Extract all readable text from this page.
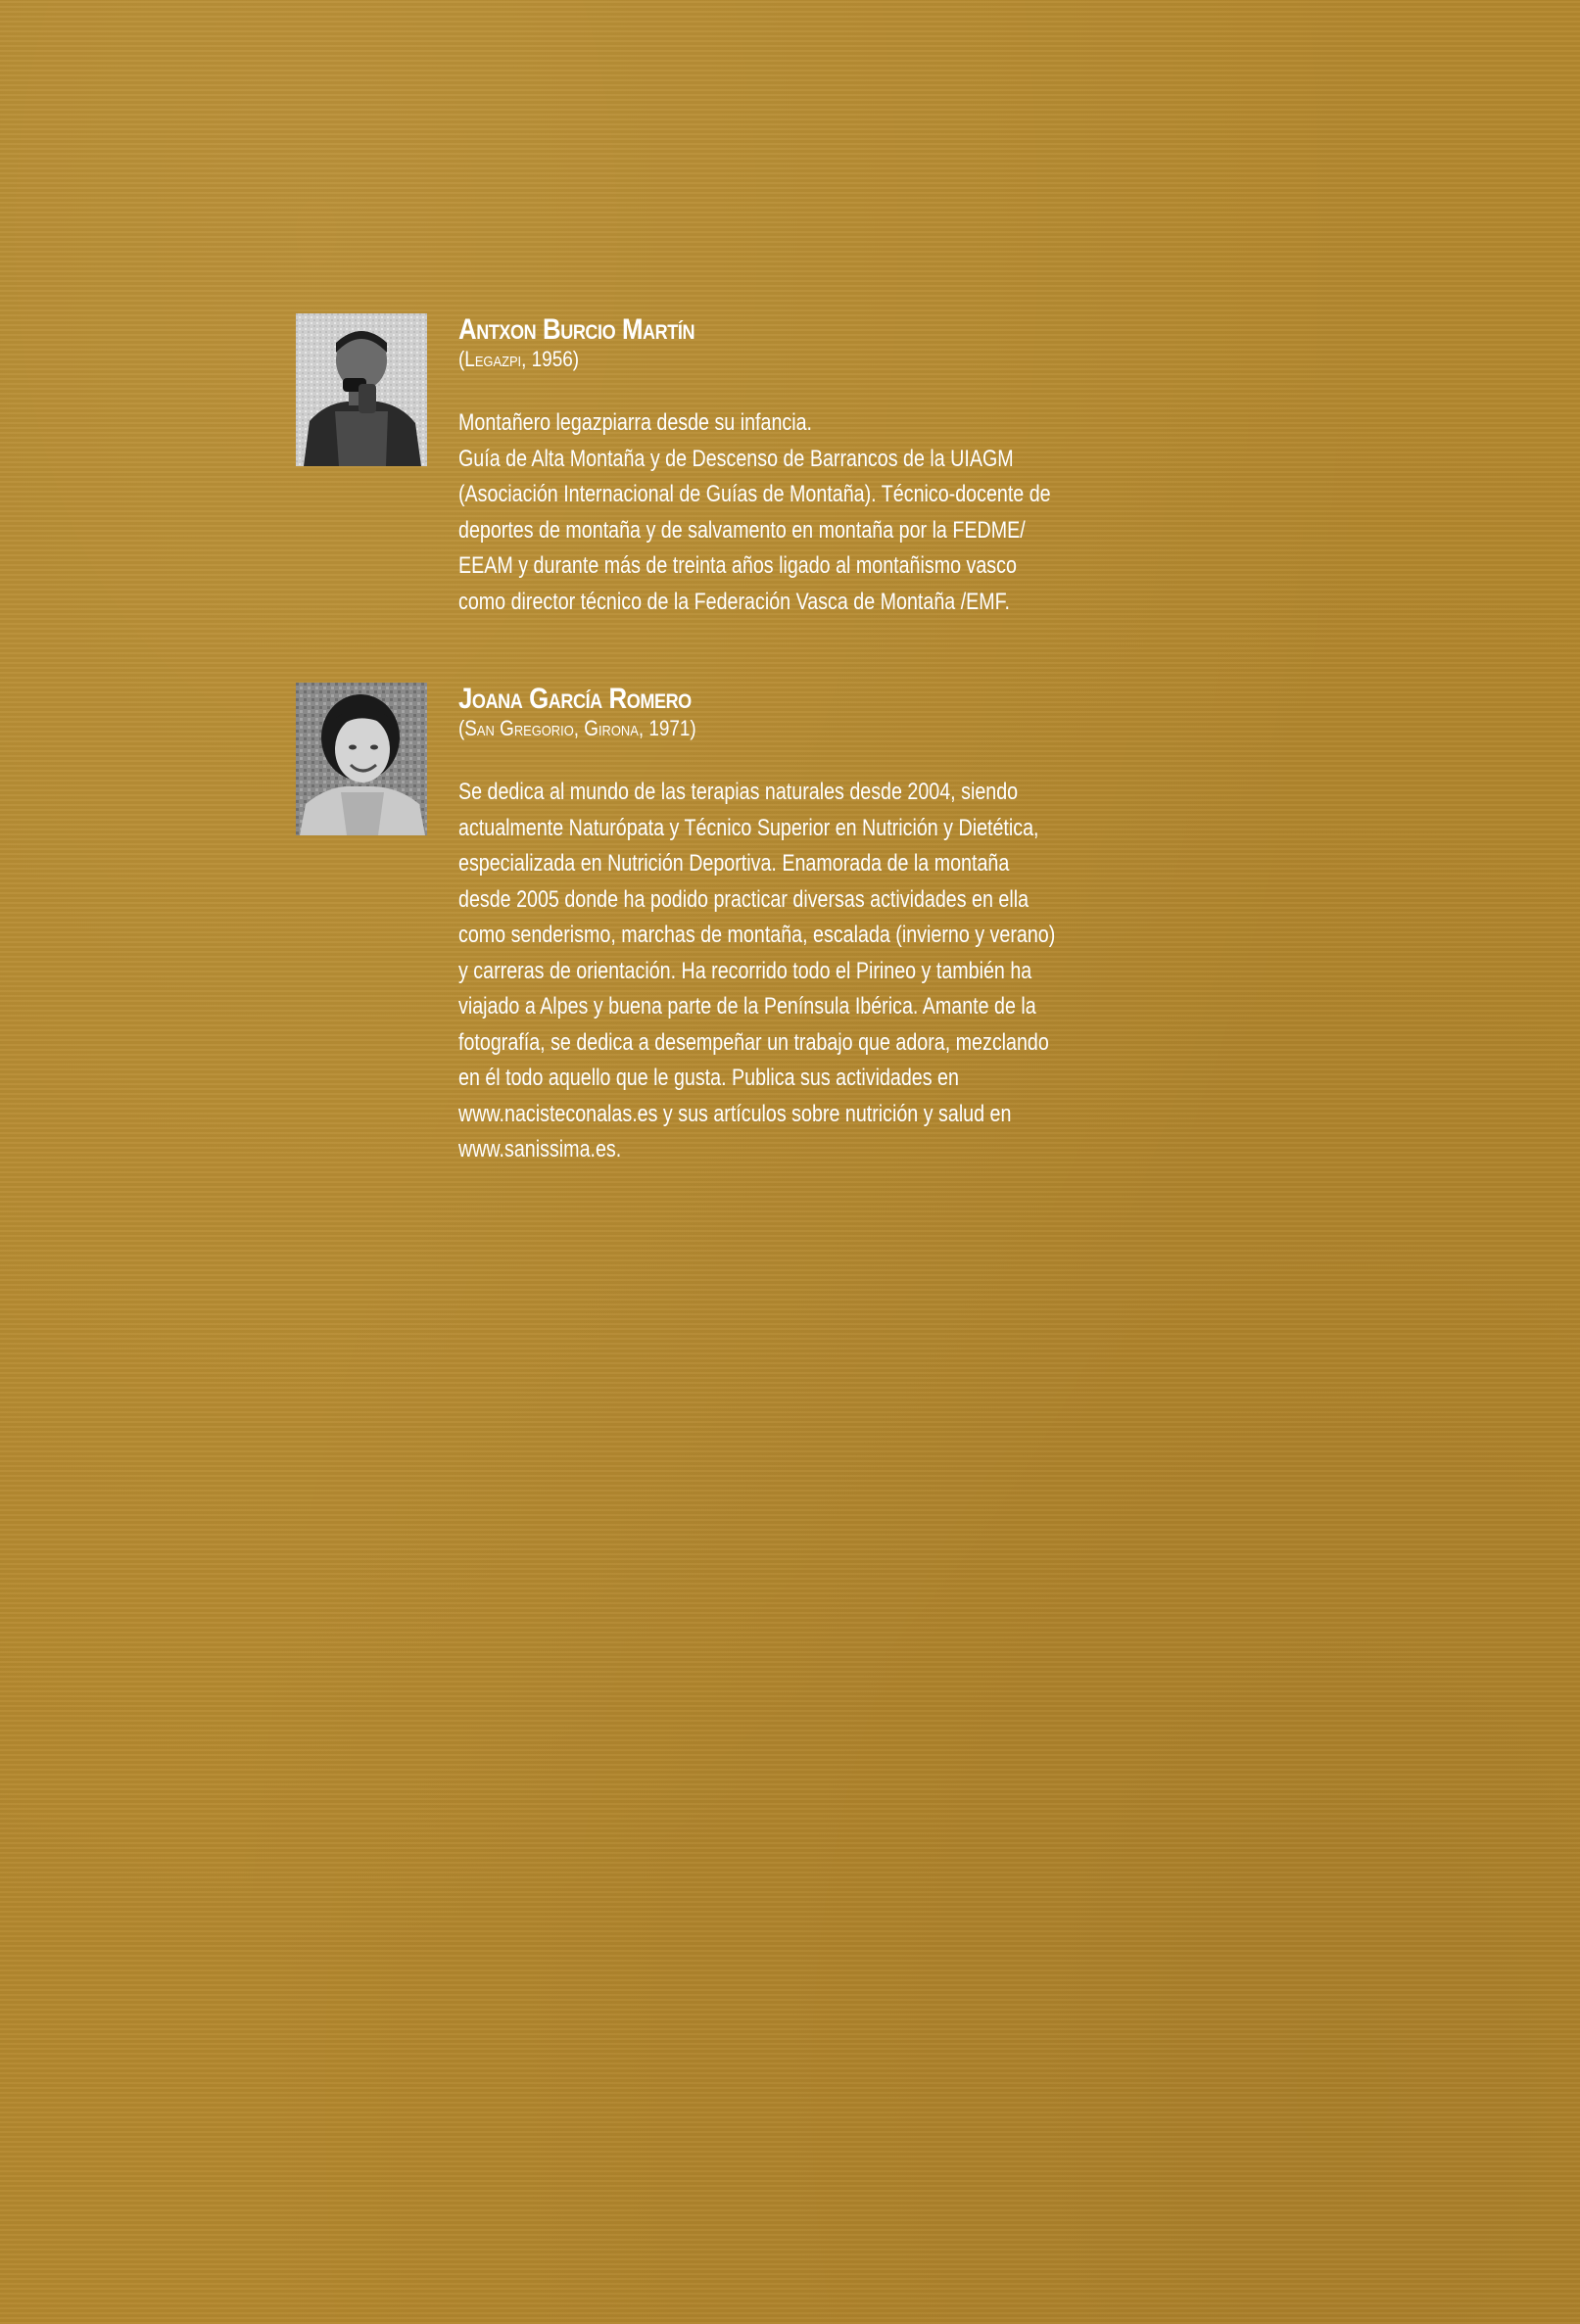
Antxon Burcio Martín

(Legazpi, 1956)

Montañero legazpiarra desde su infancia.
Guía de Alta Montaña y de Descenso de Barrancos de la UIAGM
(Asociación Internacional de Guías de Montaña). Técnico-docente de
deportes de montaña y de salvamento en montaña por la FEDME/
EEAM y durante más de treinta años ligado al montañismo vasco
como director técnico de la Federación Vasca de Montaña /EMF.
Joana García Romero

(San Gregorio, Girona, 1971)

Se dedica al mundo de las terapias naturales desde 2004, siendo
actualmente Naturópata y Técnico Superior en Nutrición y Dietética,
especializada en Nutrición Deportiva. Enamorada de la montaña
desde 2005 donde ha podido practicar diversas actividades en ella
como senderismo, marchas de montaña, escalada (invierno y verano)
y carreras de orientación. Ha recorrido todo el Pirineo y también ha
viajado a Alpes y buena parte de la Península Ibérica. Amante de la
fotografía, se dedica a desempeñar un trabajo que adora, mezclando
en él todo aquello que le gusta. Publica sus actividades en
www.nacisteconalas.es y sus artículos sobre nutrición y salud en
www.sanissima.es.
